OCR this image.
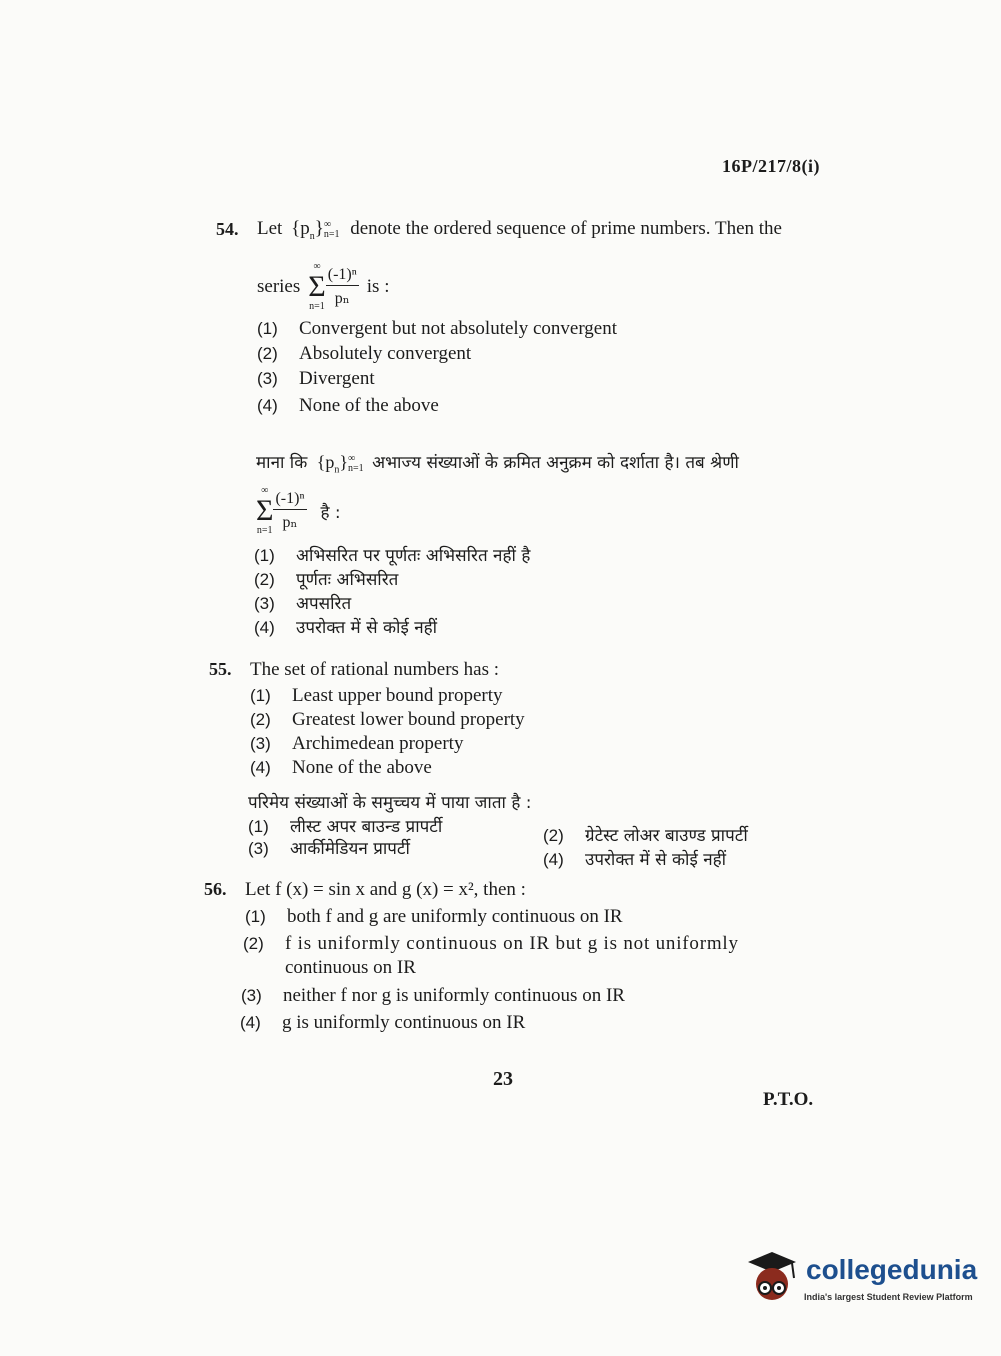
16P/217/8(i)
54. Let $\{p_n\}$ ∞
n=1 denote the ordered sequence of prime numbers. Then the
series
∞
Σ
$n=1 \frac{\text{(-1)ⁿ}}{\text{pₙ}}$ is :
(1) Convergent but not absolutely convergent
(2) Absolutely convergent
(3) Divergent
(4) None of the above
माना कि $\{p_n\}$ ∞
n=1 अभाज्य संख्याओं के क्रमित अनुक्रम को दर्शाता है। तब श्रेणी
∞
Σ
$n=1 \frac{\text{(-1)ⁿ}}{\text{pₙ}}$ है :
(1) अभिसरित पर पूर्णतः अभिसरित नहीं है
(2) पूर्णतः अभिसरित
(3) अपसरित
(4) उपरोक्त में से कोई नहीं
55. The set of rational numbers has :
(1) Least upper bound property
(2) Greatest lower bound property
(3) Archimedean property
(4) None of the above
परिमेय संख्याओं के समुच्चय में पाया जाता है :
(1) लीस्ट अपर बाउन्ड प्रापर्टी	(2) ग्रेटेस्ट लोअर बाउण्ड प्रापर्टी
(3) आर्कीमेडियन प्रापर्टी
(4) उपरोक्त में से कोई नहीं
56. Let f (x) = sin x and g (x) = x², then :
(1) both f and g are uniformly continuous on IR
(2) f is uniformly continuous on IR but g is not uniformly
continuous on IR
(3) neither f nor g is uniformly continuous on IR
(4) g is uniformly continuous on IR
23
P.T.O.
collegedunia
India's largest Student Review Platform
